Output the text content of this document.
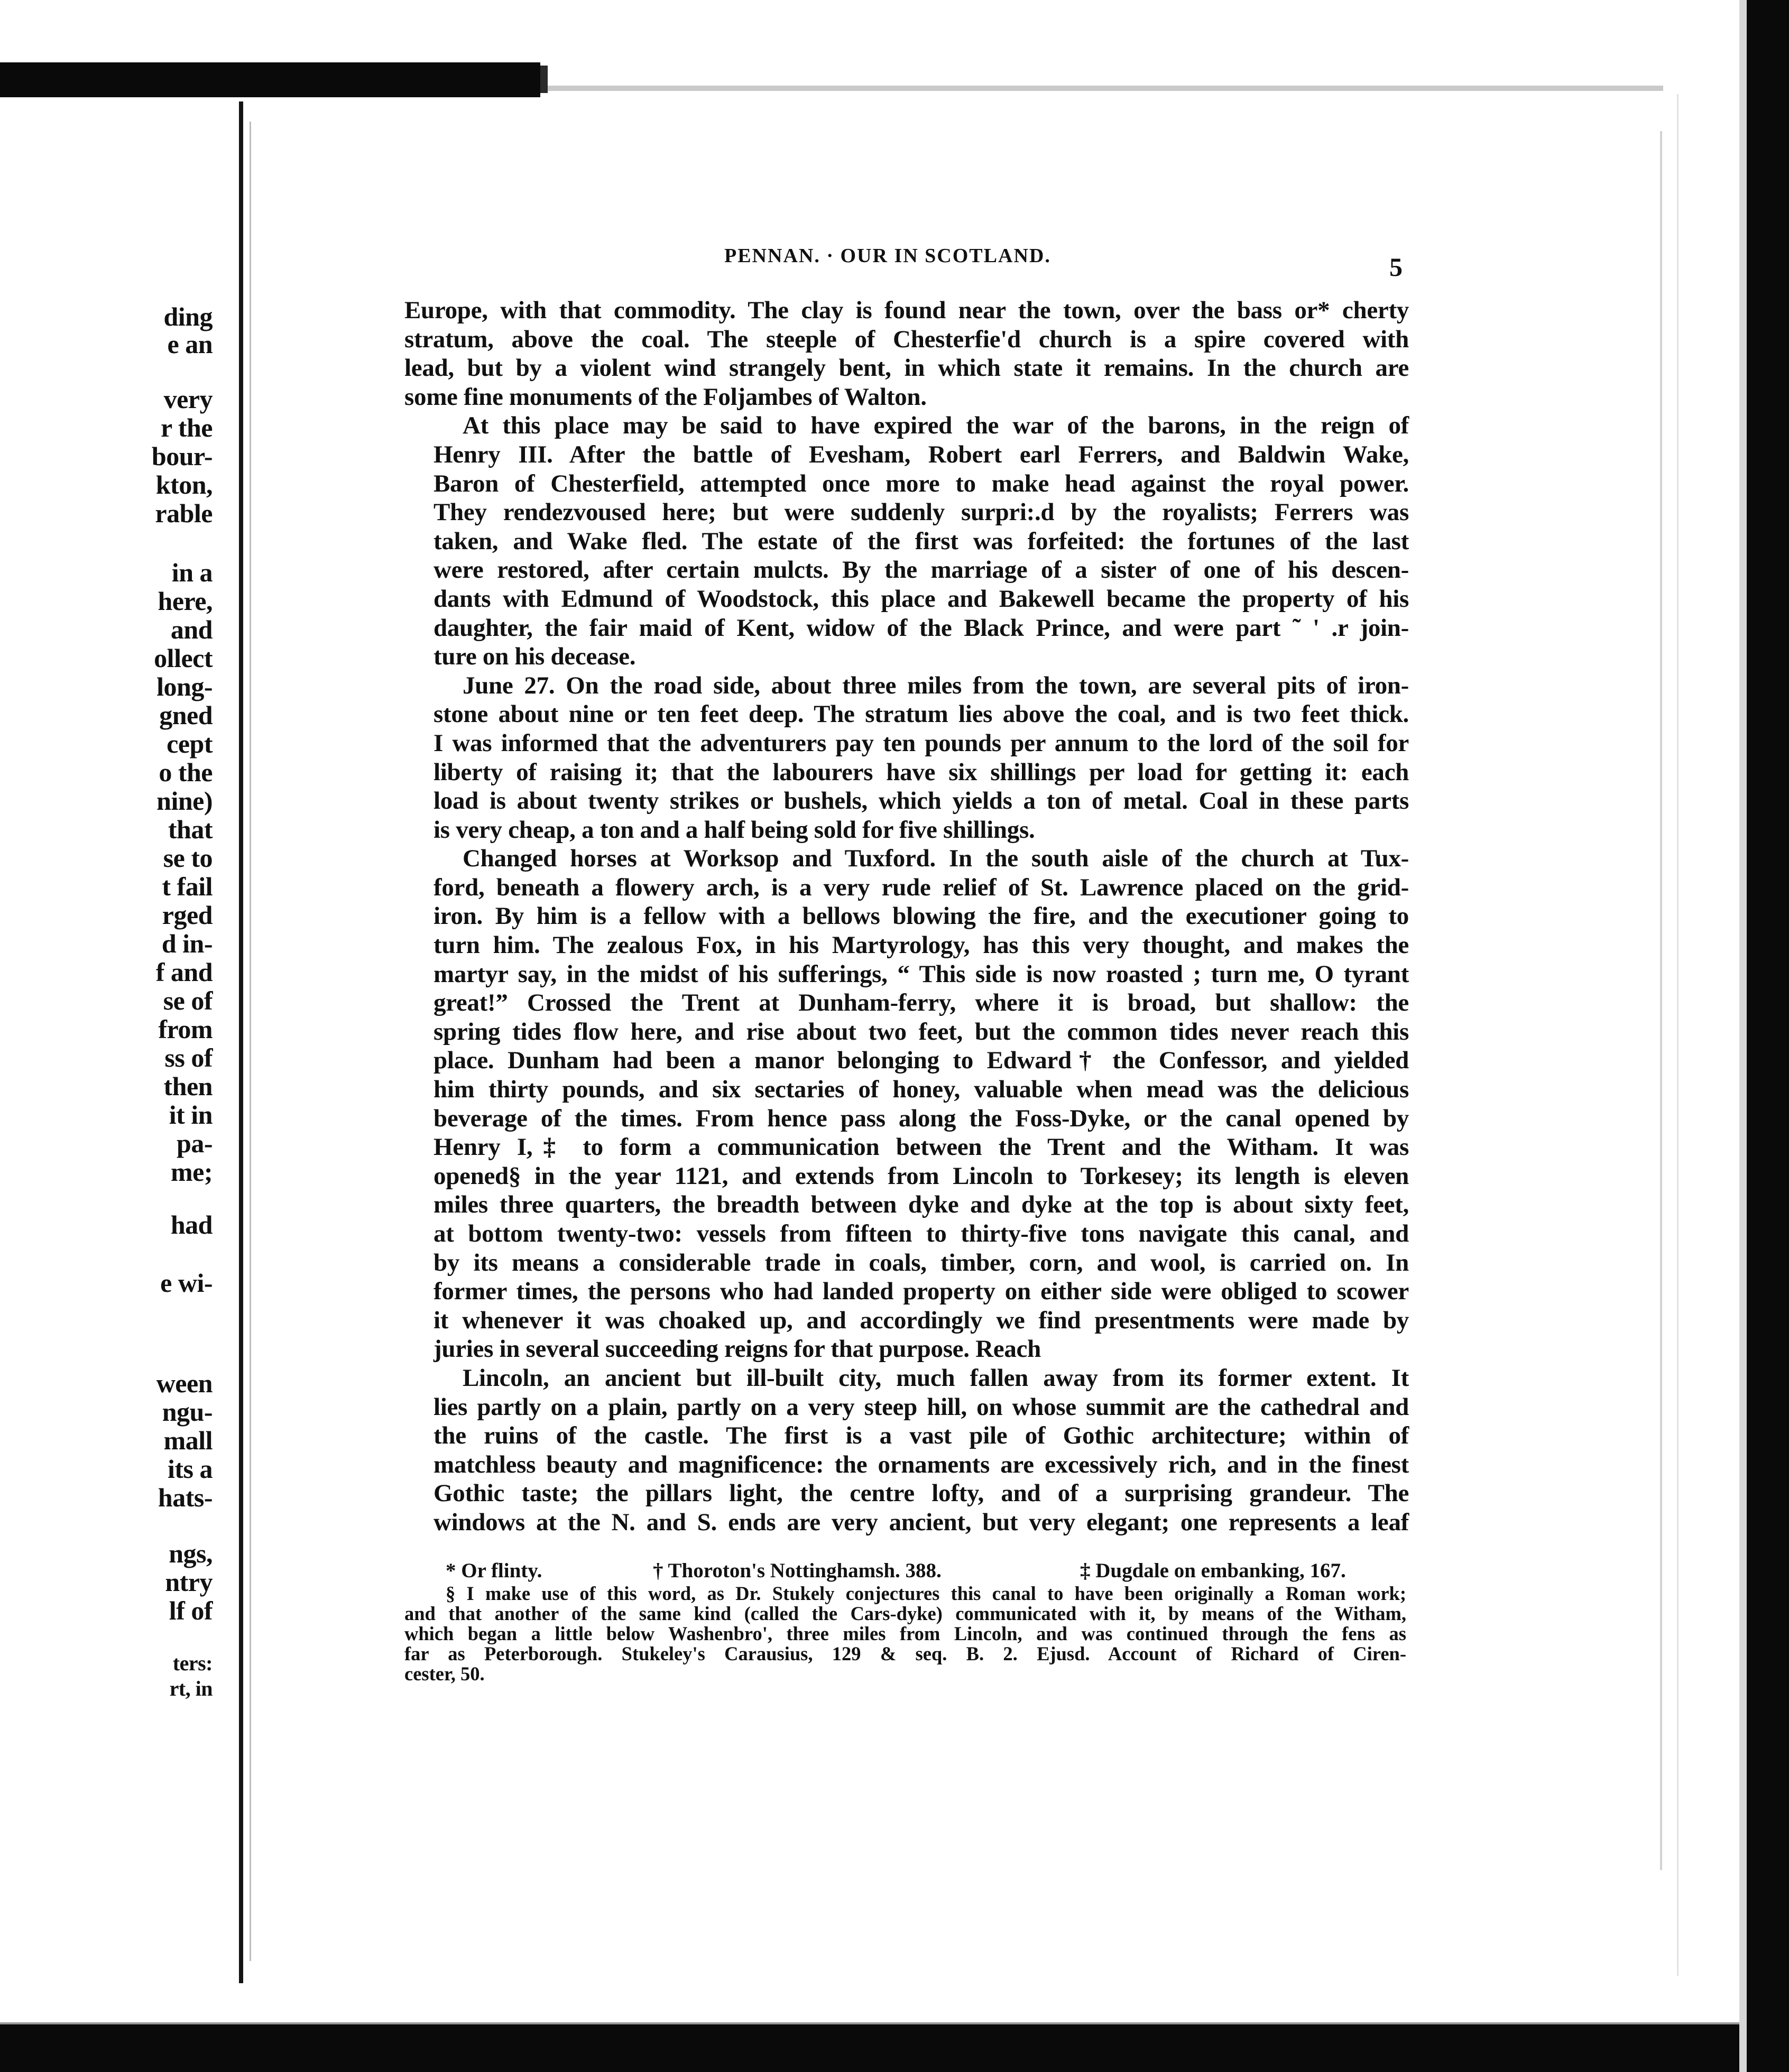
ding
e an
very
r the
bour-
kton,
rable
in a
here,
and
ollect
long-
gned
cept
o the
nine)
that
se to
t fail
rged
d in-
f and
se of
from
ss of
then
it in
pa-
me;
had
e wi-
ween
ngu-
mall
its a
hats-
ngs,
ntry
lf of
ters:
rt, in
PENNAN. · OUR IN SCOTLAND.	5
Europe, with that commodity. The clay is found near the town, over the bass or* cherty
stratum, above the coal. The steeple of Chesterfie'd church is a spire covered with
lead, but by a violent wind strangely bent, in which state it remains. In the church are
some fine monuments of the Foljambes of Walton.
At this place may be said to have expired the war of the barons, in the reign of
Henry III. After the battle of Evesham, Robert earl Ferrers, and Baldwin Wake,
Baron of Chesterfield, attempted once more to make head against the royal power.
They rendezvoused here; but were suddenly surpri:.d by the royalists; Ferrers was
taken, and Wake fled. The estate of the first was forfeited: the fortunes of the last
were restored, after certain mulcts. By the marriage of a sister of one of his descen-
dants with Edmund of Woodstock, this place and Bakewell became the property of his
daughter, the fair maid of Kent, widow of the Black Prince, and were part ˜ ' .r join-
ture on his decease.
June 27. On the road side, about three miles from the town, are several pits of iron-
stone about nine or ten feet deep. The stratum lies above the coal, and is two feet thick.
I was informed that the adventurers pay ten pounds per annum to the lord of the soil for
liberty of raising it; that the labourers have six shillings per load for getting it: each
load is about twenty strikes or bushels, which yields a ton of metal. Coal in these parts
is very cheap, a ton and a half being sold for five shillings.
Changed horses at Worksop and Tuxford. In the south aisle of the church at Tux-
ford, beneath a flowery arch, is a very rude relief of St. Lawrence placed on the grid-
iron. By him is a fellow with a bellows blowing the fire, and the executioner going to
turn him. The zealous Fox, in his Martyrology, has this very thought, and makes the
martyr say, in the midst of his sufferings, “ This side is now roasted ; turn me, O tyrant
great!” Crossed the Trent at Dunham-ferry, where it is broad, but shallow: the
spring tides flow here, and rise about two feet, but the common tides never reach this
place. Dunham had been a manor belonging to Edward† the Confessor, and yielded
him thirty pounds, and six sectaries of honey, valuable when mead was the delicious
beverage of the times. From hence pass along the Foss-Dyke, or the canal opened by
Henry I,‡ to form a communication between the Trent and the Witham. It was
opened§ in the year 1121, and extends from Lincoln to Torkesey; its length is eleven
miles three quarters, the breadth between dyke and dyke at the top is about sixty feet,
at bottom twenty-two: vessels from fifteen to thirty-five tons navigate this canal, and
by its means a considerable trade in coals, timber, corn, and wool, is carried on. In
former times, the persons who had landed property on either side were obliged to scower
it whenever it was choaked up, and accordingly we find presentments were made by
juries in several succeeding reigns for that purpose. Reach
Lincoln, an ancient but ill-built city, much fallen away from its former extent. It
lies partly on a plain, partly on a very steep hill, on whose summit are the cathedral and
the ruins of the castle. The first is a vast pile of Gothic architecture; within of
matchless beauty and magnificence: the ornaments are excessively rich, and in the finest
Gothic taste; the pillars light, the centre lofty, and of a surprising grandeur. The
windows at the N. and S. ends are very ancient, but very elegant; one represents a leaf
* Or flinty.	† Thoroton's Nottinghamsh. 388.	‡ Dugdale on embanking, 167.
§ I make use of this word, as Dr. Stukely conjectures this canal to have been originally a Roman work;
and that another of the same kind (called the Cars-dyke) communicated with it, by means of the Witham,
which began a little below Washenbro', three miles from Lincoln, and was continued through the fens as
far as Peterborough. Stukeley's Carausius, 129 & seq. B. 2. Ejusd. Account of Richard of Ciren-
cester, 50.
